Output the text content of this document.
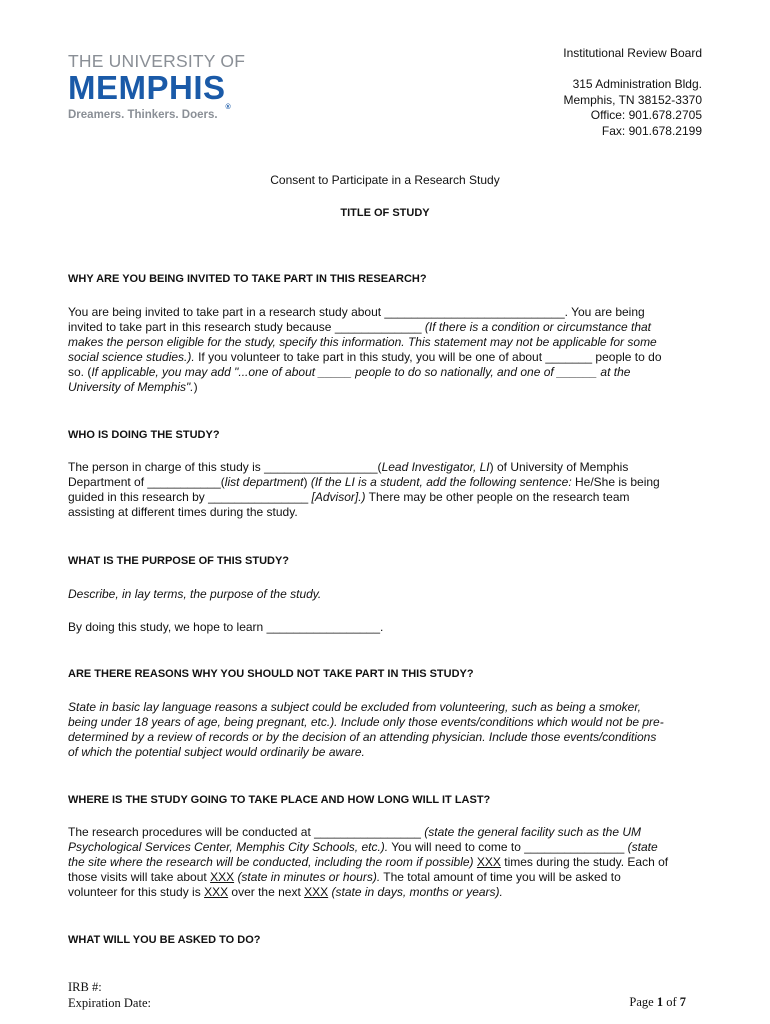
THE UNIVERSITY OF
MEMPHIS®
Dreamers. Thinkers. Doers.
Institutional Review Board
315 Administration Bldg.
Memphis, TN 38152-3370
Office: 901.678.2705
Fax: 901.678.2199
Consent to Participate in a Research Study
TITLE OF STUDY
WHY ARE YOU BEING INVITED TO TAKE PART IN THIS RESEARCH?
You are being invited to take part in a research study about ___________________________. You are being
invited to take part in this research study because _____________ (If there is a condition or circumstance that
makes the person eligible for the study, specify this information. This statement may not be applicable for some
social science studies.). If you volunteer to take part in this study, you will be one of about _______ people to do
so. (If applicable, you may add "...one of about _____ people to do so nationally, and one of ______ at the
University of Memphis".)
WHO IS DOING THE STUDY?
The person in charge of this study is _________________(Lead Investigator, LI) of University of Memphis
Department of ___________(list department) (If the LI is a student, add the following sentence: He/She is being
guided in this research by _______________ [Advisor].) There may be other people on the research team
assisting at different times during the study.
WHAT IS THE PURPOSE OF THIS STUDY?
Describe, in lay terms, the purpose of the study.
By doing this study, we hope to learn _________________.
ARE THERE REASONS WHY YOU SHOULD NOT TAKE PART IN THIS STUDY?
State in basic lay language reasons a subject could be excluded from volunteering, such as being a smoker,
being under 18 years of age, being pregnant, etc.). Include only those events/conditions which would not be pre-
determined by a review of records or by the decision of an attending physician. Include those events/conditions
of which the potential subject would ordinarily be aware.
WHERE IS THE STUDY GOING TO TAKE PLACE AND HOW LONG WILL IT LAST?
The research procedures will be conducted at ________________ (state the general facility such as the UM
Psychological Services Center, Memphis City Schools, etc.). You will need to come to _______________ (state
the site where the research will be conducted, including the room if possible) XXX times during the study. Each of
those visits will take about XXX (state in minutes or hours). The total amount of time you will be asked to
volunteer for this study is XXX over the next XXX (state in days, months or years).
WHAT WILL YOU BE ASKED TO DO?
IRB #:
Expiration Date:	Page 1 of 7
